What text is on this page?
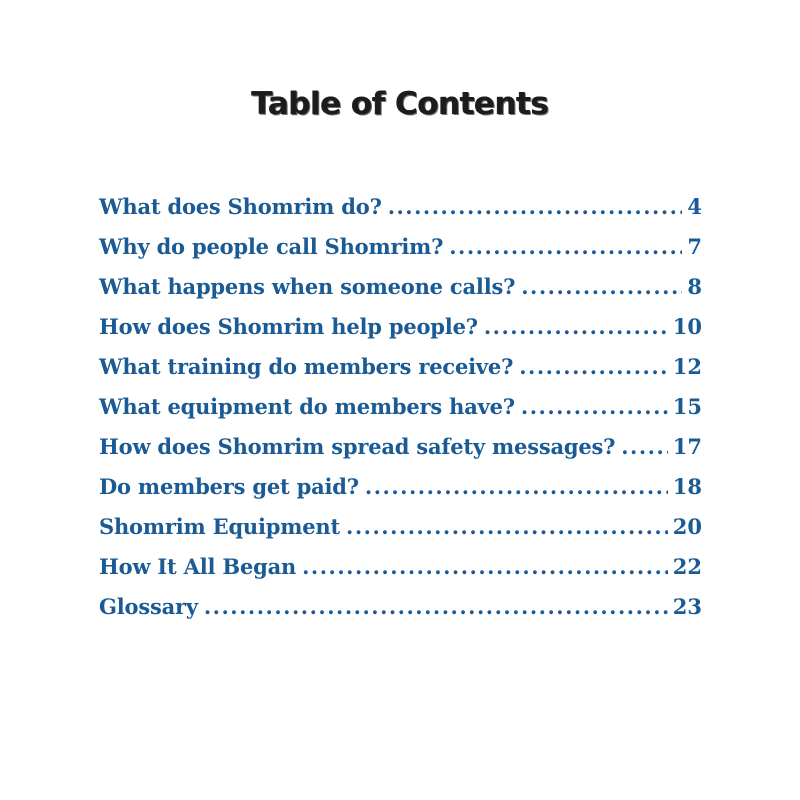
Table of Contents
What does Shomrim do? .....	4
Why do people call Shomrim? .....	7
What happens when someone calls? .....	8
How does Shomrim help people? .....	10
What training do members receive? .....	12
What equipment do members have? .....	15
How does Shomrim spread safety messages? .....	17
Do members get paid? .....	18
Shomrim Equipment .....	20
How It All Began .....	22
Glossary .....	23
